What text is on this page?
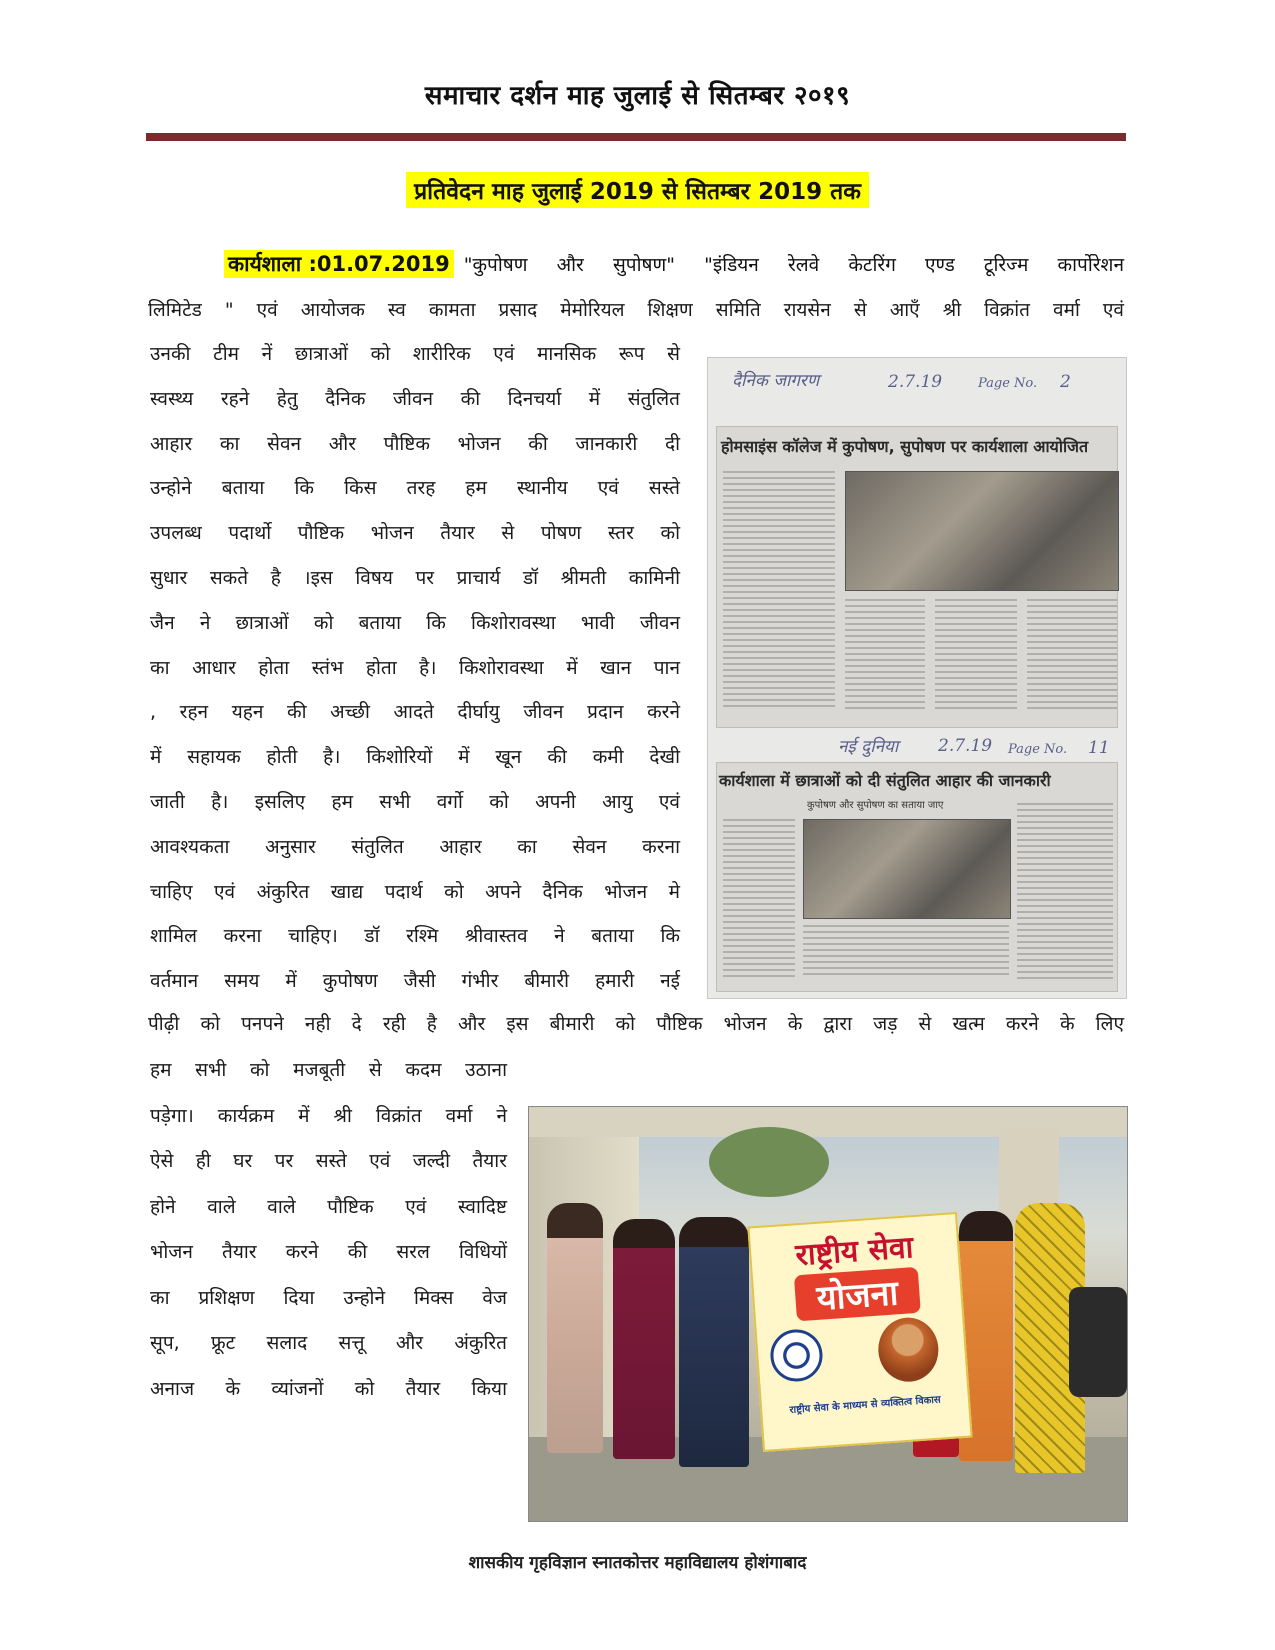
समाचार दर्शन माह जुलाई से सितम्बर २०१९
प्रतिवेदन माह जुलाई 2019 से सितम्बर 2019 तक
कार्यशाला :01.07.2019 "कुपोषण और सुपोषण" "इंडियन रेलवे केटरिंग एण्ड टूरिज्म कार्पोरेशन
लिमिटेड " एवं आयोजक स्व कामता प्रसाद मेमोरियल शिक्षण समिति रायसेन से आएँ श्री विक्रांत वर्मा एवं
उनकी टीम नें छात्राओं को शारीरिक एवं मानसिक रूप से
स्वस्थ्य रहने हेतु दैनिक जीवन की दिनचर्या में संतुलित
आहार का सेवन और पौष्टिक भोजन की जानकारी दी
उन्होने बताया कि किस तरह हम स्थानीय एवं सस्ते
उपलब्ध पदार्थो पौष्टिक भोजन तैयार से पोषण स्तर को
सुधार सकते है ।इस विषय पर प्राचार्य डॉ श्रीमती कामिनी
जैन ने छात्राओं को बताया कि किशोरावस्था भावी जीवन
का आधार होता स्तंभ होता है। किशोरावस्था में खान पान
, रहन यहन की अच्छी आदते दीर्घायु जीवन प्रदान करने
में सहायक होती है। किशोरियों में खून की कमी देखी
जाती है। इसलिए हम सभी वर्गो को अपनी आयु एवं
आवश्यकता अनुसार संतुलित आहार का सेवन करना
चाहिए एवं अंकुरित खाद्य पदार्थ को अपने दैनिक भोजन मे
शामिल करना चाहिए। डॉ रश्मि श्रीवास्तव ने बताया कि
वर्तमान समय में कुपोषण जैसी गंभीर बीमारी हमारी नई
पीढ़ी को पनपने नही दे रही है और इस बीमारी को पौष्टिक भोजन के द्वारा जड़ से खत्म करने के लिए
हम सभी को मजबूती से कदम उठाना
पड़ेगा। कार्यक्रम में श्री विक्रांत वर्मा ने
ऐसे ही घर पर सस्ते एवं जल्दी तैयार
होने वाले वाले पौष्टिक एवं स्वादिष्ट
भोजन तैयार करने की सरल विधियों
का प्रशिक्षण दिया उन्होने मिक्स वेज
सूप, फ्रूट सलाद सत्तू और अंकुरित
अनाज के व्यांजनों को तैयार किया
दैनिक जागरण	2.7.19	Page No. 2
होमसाइंस कॉलेज में कुपोषण, सुपोषण पर कार्यशाला आयोजित
नई दुनिया 2.7.19 Page No. 11
कार्यशाला में छात्राओं को दी संतुलित आहार की जानकारी
कुपोषण और सुपोषण का सताया जाए
राष्ट्रीय सेवा
योजना
राष्ट्रीय सेवा के माध्यम से व्यक्तित्व विकास
शासकीय गृहविज्ञान स्नातकोत्तर महाविद्यालय होशंगाबाद
